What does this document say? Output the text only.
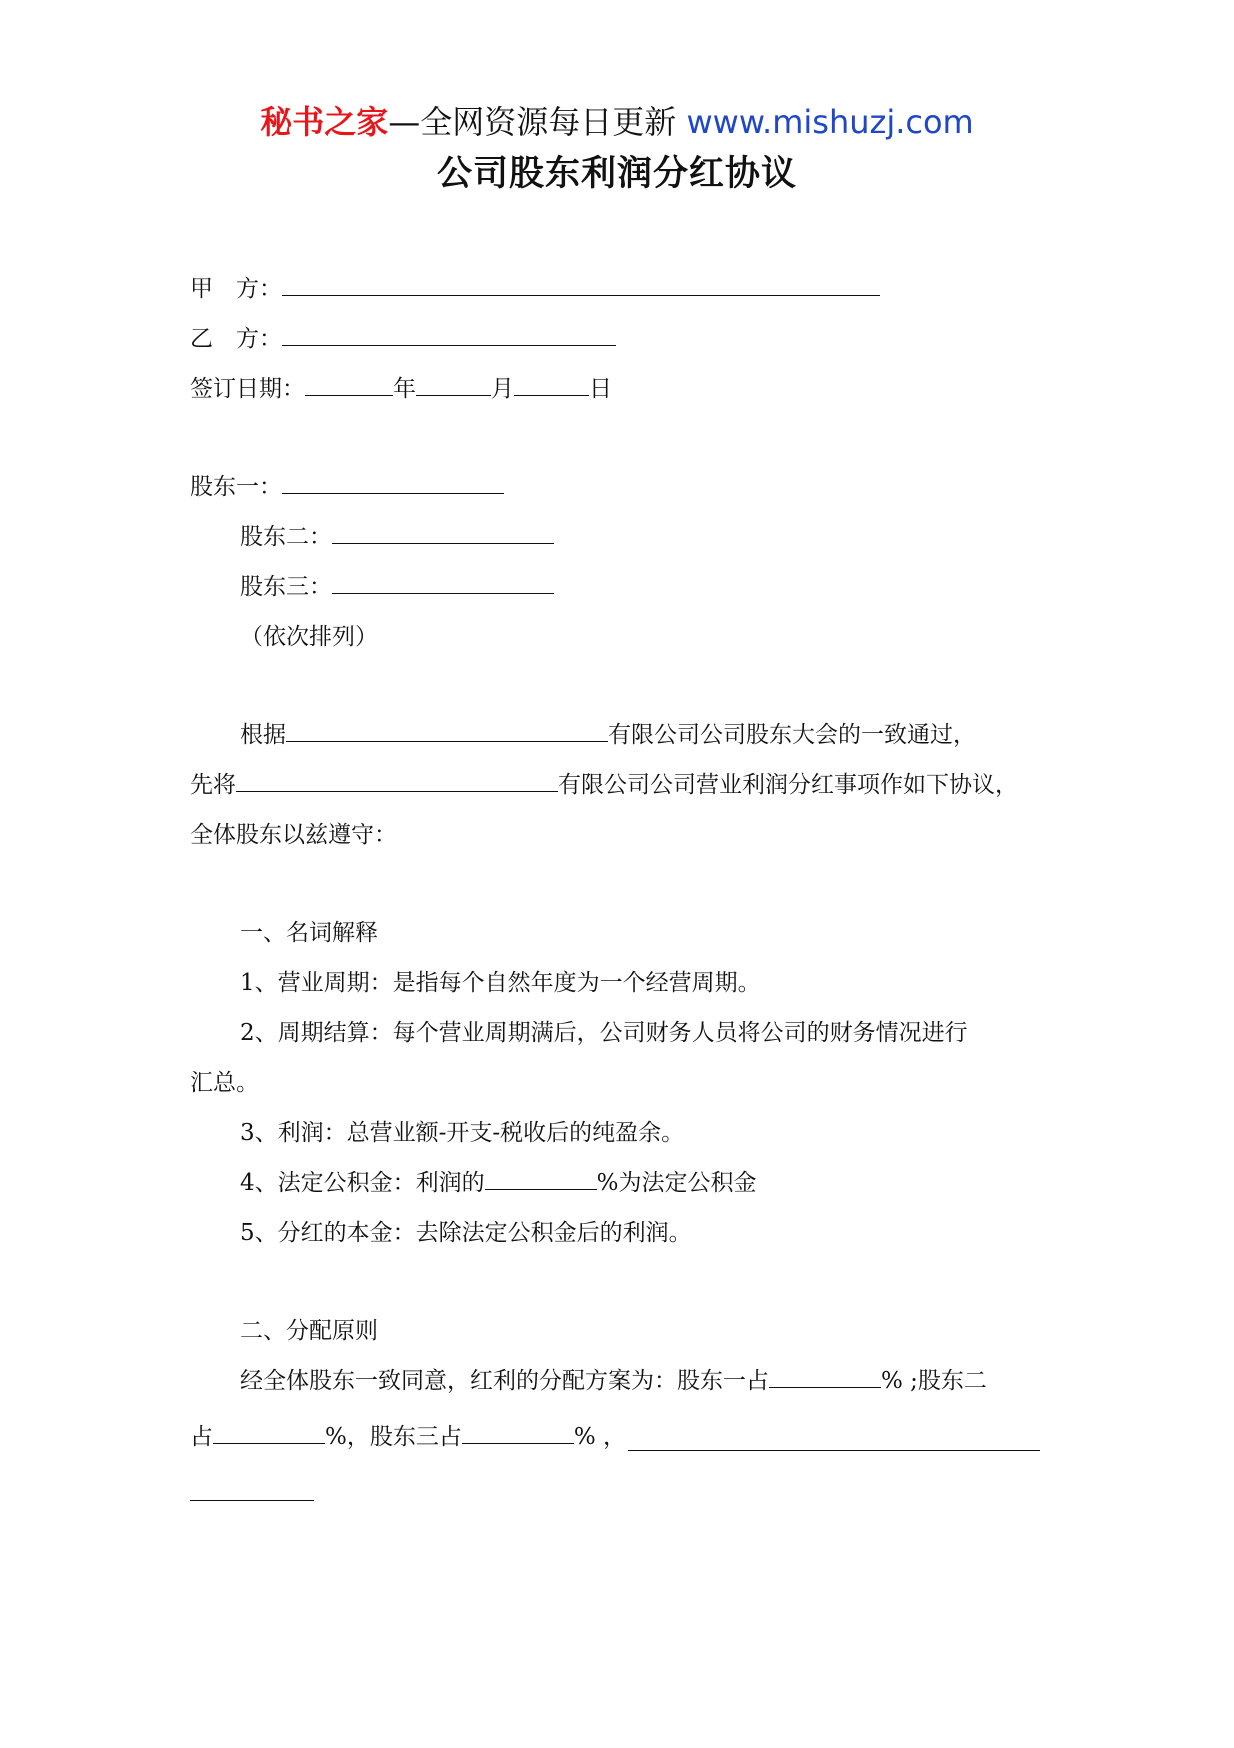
秘书之家—全网资源每日更新 www.mishuzj.com
公司股东利润分红协议
甲　方：
乙　方：
签订日期：	年	月	日
股东一：
股东二：
股东三：
（依次排列）
根据	有限公司公司股东大会的一致通过，
先将	有限公司公司营业利润分红事项作如下协议，
全体股东以兹遵守：
一、名词解释
1、营业周期：是指每个自然年度为一个经营周期。
2、周期结算：每个营业周期满后，公司财务人员将公司的财务情况进行
汇总。
3、利润：总营业额-开支-税收后的纯盈余。
4、法定公积金：利润的	%为法定公积金
5、分红的本金：去除法定公积金后的利润。
二、分配原则
经全体股东一致同意，红利的分配方案为：股东一占	% ;股东二
占	%，股东三占	% ，
